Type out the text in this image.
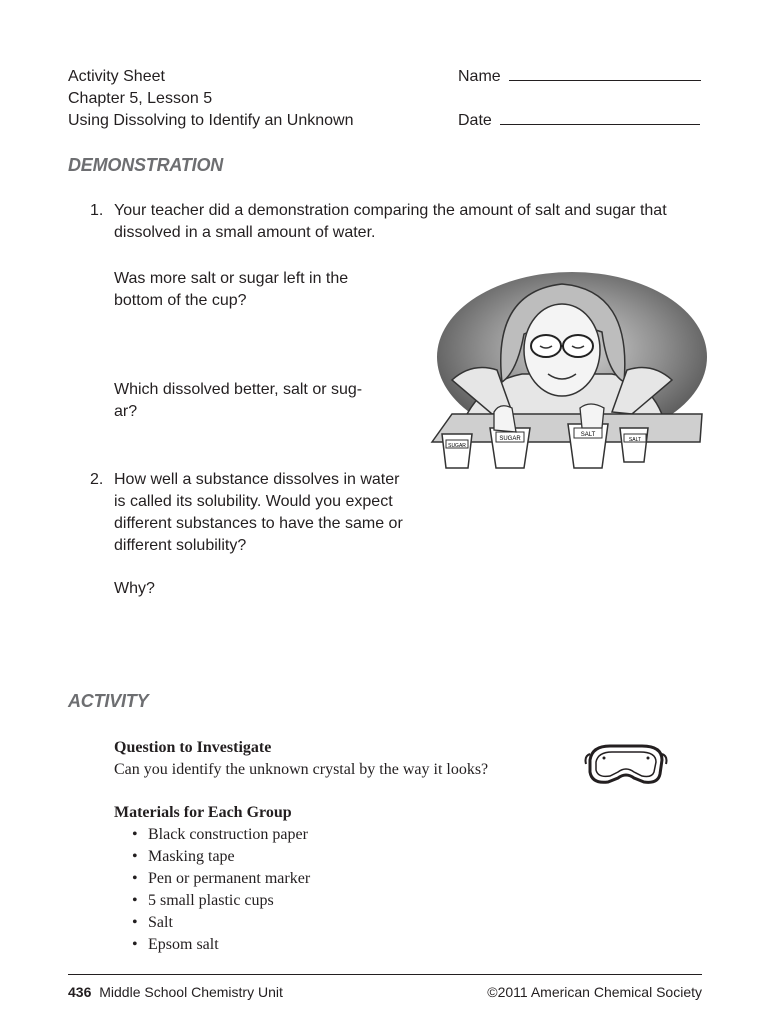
Activity Sheet
Chapter 5, Lesson 5
Using Dissolving to Identify an Unknown
Name
Date
DEMONSTRATION
1. Your teacher did a demonstration comparing the amount of salt and sugar that dissolved in a small amount of water.
Was more salt or sugar left in the bottom of the cup?
Which dissolved better, salt or sug-ar?
2. How well a substance dissolves in water is called its solubility. Would you expect different substances to have the same or different solubility?
Why?
SUGAR
SUGAR
SALT
SALT
ACTIVITY
Question to Investigate
Can you identify the unknown crystal by the way it looks?
Materials for Each Group
• Black construction paper
• Masking tape
• Pen or permanent marker
• 5 small plastic cups
• Salt
• Epsom salt
436 Middle School Chemistry Unit	©2011 American Chemical Society
